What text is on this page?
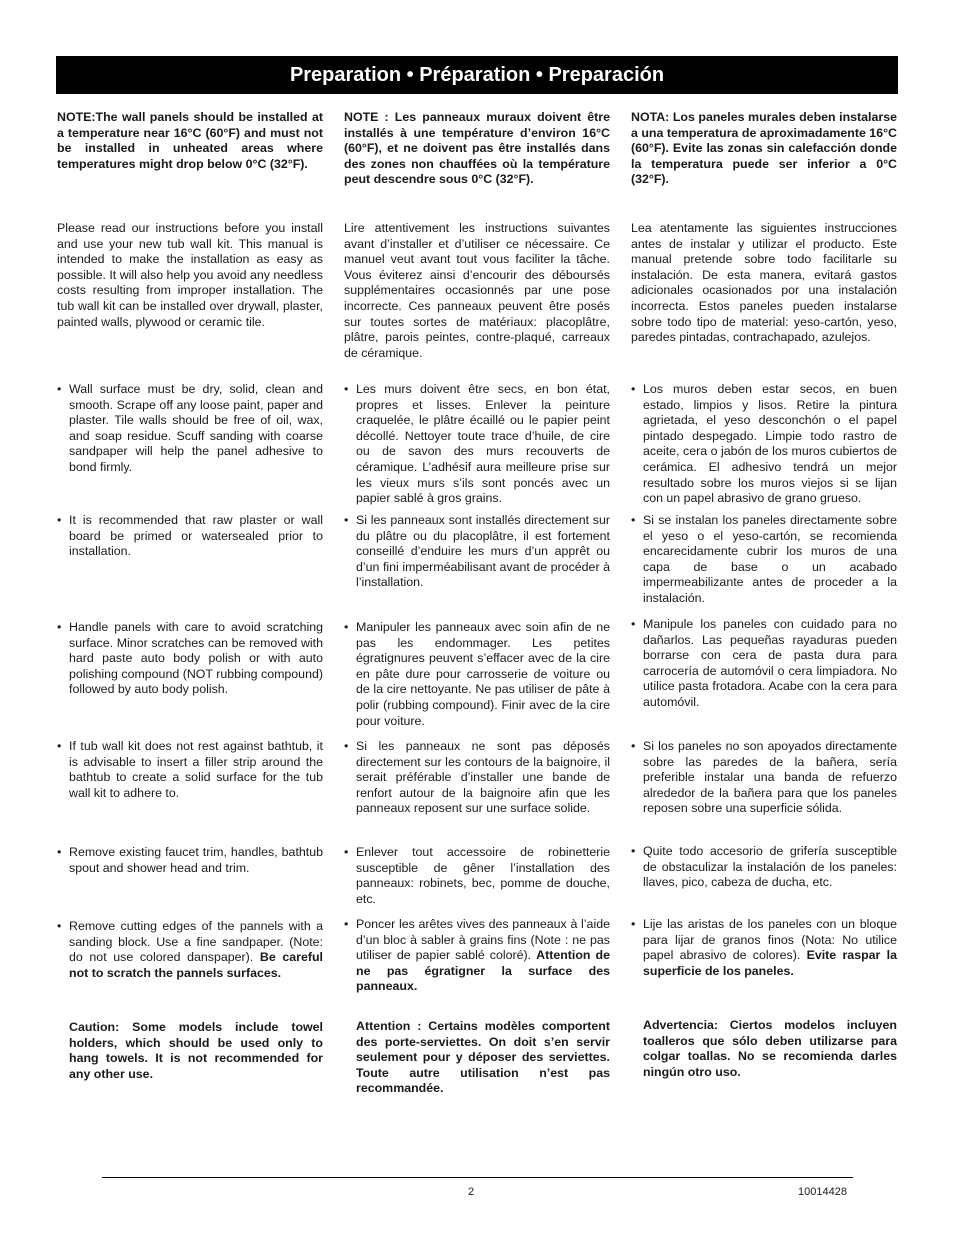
Preparation • Préparation • Preparación
NOTE:The wall panels should be installed at a temperature near 16°C (60°F) and must not be installed in unheated areas where temperatures might drop below 0°C (32°F).
Please read our instructions before you install and use your new tub wall kit. This manual is intended to make the installation as easy as possible. It will also help you avoid any needless costs resulting from improper installation. The tub wall kit can be installed over drywall, plaster, painted walls, plywood or ceramic tile.
• Wall surface must be dry, solid, clean and smooth. Scrape off any loose paint, paper and plaster. Tile walls should be free of oil, wax, and soap residue. Scuff sanding with coarse sandpaper will help the panel adhesive to bond firmly.
• It is recommended that raw plaster or wall board be primed or watersealed prior to installation.
• Handle panels with care to avoid scratching surface. Minor scratches can be removed with hard paste auto body polish or with auto polishing compound (NOT rubbing compound) followed by auto body polish.
• If tub wall kit does not rest against bathtub, it is advisable to insert a filler strip around the bathtub to create a solid surface for the tub wall kit to adhere to.
• Remove existing faucet trim, handles, bathtub spout and shower head and trim.
• Remove cutting edges of the pannels with a sanding block. Use a fine sandpaper. (Note: do not use colored danspaper). Be careful not to scratch the pannels surfaces.
Caution: Some models include towel holders, which should be used only to hang towels. It is not recommended for any other use.
NOTE : Les panneaux muraux doivent être installés à une température d’environ 16°C (60°F), et ne doivent pas être installés dans des zones non chauffées où la température peut descendre sous 0°C (32°F).
Lire attentivement les instructions suivantes avant d’installer et d’utiliser ce nécessaire. Ce manuel veut avant tout vous faciliter la tâche. Vous éviterez ainsi d’encourir des déboursés supplémentaires occasionnés par une pose incorrecte. Ces panneaux peuvent être posés sur toutes sortes de matériaux: placoplâtre, plâtre, parois peintes, contre-plaqué, carreaux de céramique.
• Les murs doivent être secs, en bon état, propres et lisses. Enlever la peinture craquelée, le plâtre écaillé ou le papier peint décollé. Nettoyer toute trace d’huile, de cire ou de savon des murs recouverts de céramique. L’adhésif aura meilleure prise sur les vieux murs s’ils sont poncés avec un papier sablé à gros grains.
• Si les panneaux sont installés directement sur du plâtre ou du placoplâtre, il est fortement conseillé d’enduire les murs d’un apprêt ou d’un fini imperméabilisant avant de procéder à l’installation.
• Manipuler les panneaux avec soin afin de ne pas les endommager. Les petites égratignures peuvent s’effacer avec de la cire en pâte dure pour carrosserie de voiture ou de la cire nettoyante. Ne pas utiliser de pâte à polir (rubbing compound). Finir avec de la cire pour voiture.
• Si les panneaux ne sont pas déposés directement sur les contours de la baignoire, il serait préférable d’installer une bande de renfort autour de la baignoire afin que les panneaux reposent sur une surface solide.
• Enlever tout accessoire de robinetterie susceptible de gêner l’installation des panneaux: robinets, bec, pomme de douche, etc.
• Poncer les arêtes vives des panneaux à l’aide d’un bloc à sabler à grains fins (Note : ne pas utiliser de papier sablé coloré). Attention de ne pas égratigner la surface des panneaux.
Attention : Certains modèles comportent des porte-serviettes. On doit s’en servir seulement pour y déposer des serviettes. Toute autre utilisation n’est pas recommandée.
NOTA: Los paneles murales deben instalarse a una temperatura de aproximadamente 16°C (60°F). Evite las zonas sin calefacción donde la temperatura puede ser inferior a 0°C (32°F).
Lea atentamente las siguientes instrucciones antes de instalar y utilizar el producto. Este manual pretende sobre todo facilitarle su instalación. De esta manera, evitará gastos adicionales ocasionados por una instalación incorrecta. Estos paneles pueden instalarse sobre todo tipo de material: yeso-cartón, yeso, paredes pintadas, contrachapado, azulejos.
• Los muros deben estar secos, en buen estado, limpios y lisos. Retire la pintura agrietada, el yeso desconchón o el papel pintado despegado. Limpie todo rastro de aceite, cera o jabón de los muros cubiertos de cerámica. El adhesivo tendrá un mejor resultado sobre los muros viejos si se lijan con un papel abrasivo de grano grueso.
• Si se instalan los paneles directamente sobre el yeso o el yeso-cartón, se recomienda encarecidamente cubrir los muros de una capa de base o un acabado impermeabilizante antes de proceder a la instalación.
• Manipule los paneles con cuidado para no dañarlos. Las pequeñas rayaduras pueden borrarse con cera de pasta dura para carrocería de automóvil o cera limpiadora. No utilice pasta frotadora. Acabe con la cera para automóvil.
• Si los paneles no son apoyados directamente sobre las paredes de la bañera, sería preferible instalar una banda de refuerzo alrededor de la bañera para que los paneles reposen sobre una superficie sólida.
• Quite todo accesorio de grifería susceptible de obstaculizar la instalación de los paneles: llaves, pico, cabeza de ducha, etc.
• Lije las aristas de los paneles con un bloque para lijar de granos finos (Nota: No utilice papel abrasivo de colores). Evite raspar la superficie de los paneles.
Advertencia: Ciertos modelos incluyen toalleros que sólo deben utilizarse para colgar toallas. No se recomienda darles ningún otro uso.
2	10014428
